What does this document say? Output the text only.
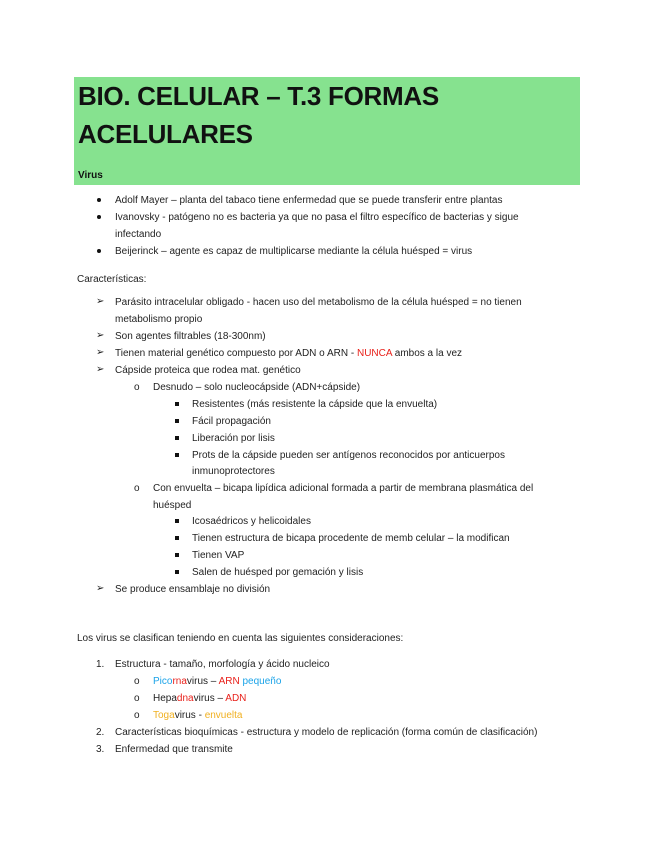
BIO. CELULAR – T.3 FORMAS
ACELULARES
Virus
Adolf Mayer – planta del tabaco tiene enfermedad que se puede transferir entre plantas
Ivanovsky - patógeno no es bacteria ya que no pasa el filtro específico de bacterias y sigue
infectando
Beijerinck – agente es capaz de multiplicarse mediante la célula huésped = virus
Características:
➢ Parásito intracelular obligado - hacen uso del metabolismo de la célula huésped = no tienen
metabolismo propio
➢ Son agentes filtrables (18-300nm)
➢ Tienen material genético compuesto por ADN o ARN - NUNCA ambos a la vez
➢ Cápside proteica que rodea mat. genético
o Desnudo – solo nucleocápside (ADN+cápside)
Resistentes (más resistente la cápside que la envuelta)
Fácil propagación
Liberación por lisis
Prots de la cápside pueden ser antígenos reconocidos por anticuerpos
inmunoprotectores
o Con envuelta – bicapa lipídica adicional formada a partir de membrana plasmática del
huésped
Icosaédricos y helicoidales
Tienen estructura de bicapa procedente de memb celular – la modifican
Tienen VAP
Salen de huésped por gemación y lisis
➢ Se produce ensamblaje no división
Los virus se clasifican teniendo en cuenta las siguientes consideraciones:
1. Estructura - tamaño, morfología y ácido nucleico
o Picornavirus – ARN pequeño
o Hepadnavirus – ADN
o Togavirus - envuelta
2. Características bioquímicas - estructura y modelo de replicación (forma común de clasificación)
3. Enfermedad que transmite
